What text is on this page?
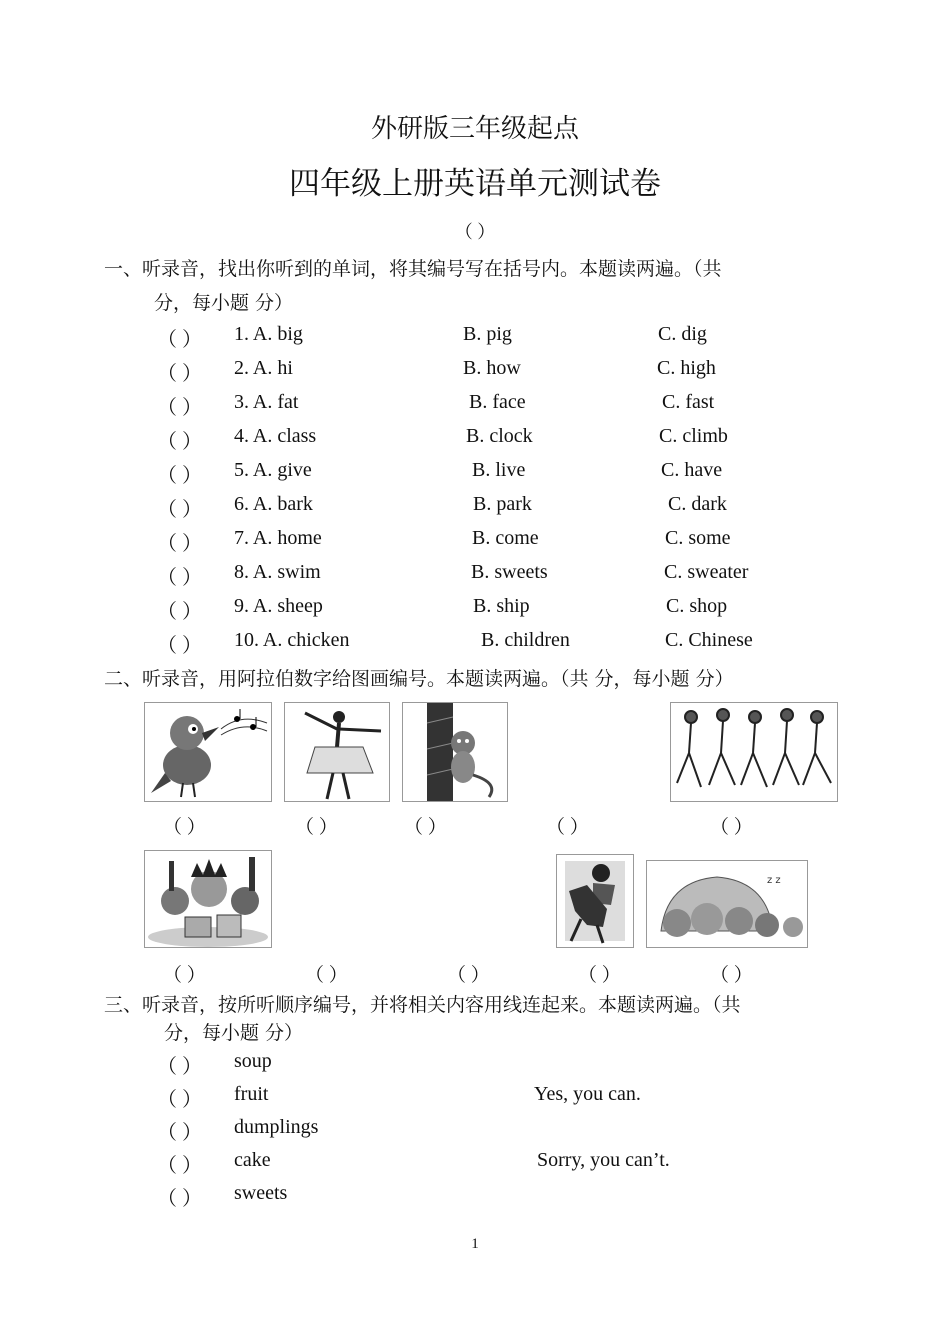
外研版三年级起点
四年级上册英语单元测试卷
（ ）
一、听录音，找出你听到的单词，将其编号写在括号内。本题读两遍。（共
分，每小题 分）
（ ） 1. A. big	B. pig	C. dig
（ ） 2. A. hi	B. how	C. high
（ ） 3. A. fat	B. face	C. fast
（ ） 4. A. class	B. clock	C. climb
（ ） 5. A. give	B. live	C. have
（ ） 6. A. bark	B. park	C. dark
（ ） 7. A. home	B. come	C. some
（ ） 8. A. swim	B. sweets	C. sweater
（ ） 9. A. sheep	B. ship	C. shop
（ ） 10. A. chicken	B. children	C. Chinese
二、听录音，用阿拉伯数字给图画编号。本题读两遍。（共 分，每小题 分）
（ ）	（ ）	（ ）	（ ）	（ ）
z z
（ ）	（ ）	（ ）	（ ）	（ ）
三、听录音，按所听顺序编号，并将相关内容用线连起来。本题读两遍。（共
分，每小题 分）
（ ） soup
（ ） fruit	Yes, you can.
（ ） dumplings
（ ） cake	Sorry, you can’t.
（ ） sweets
1
